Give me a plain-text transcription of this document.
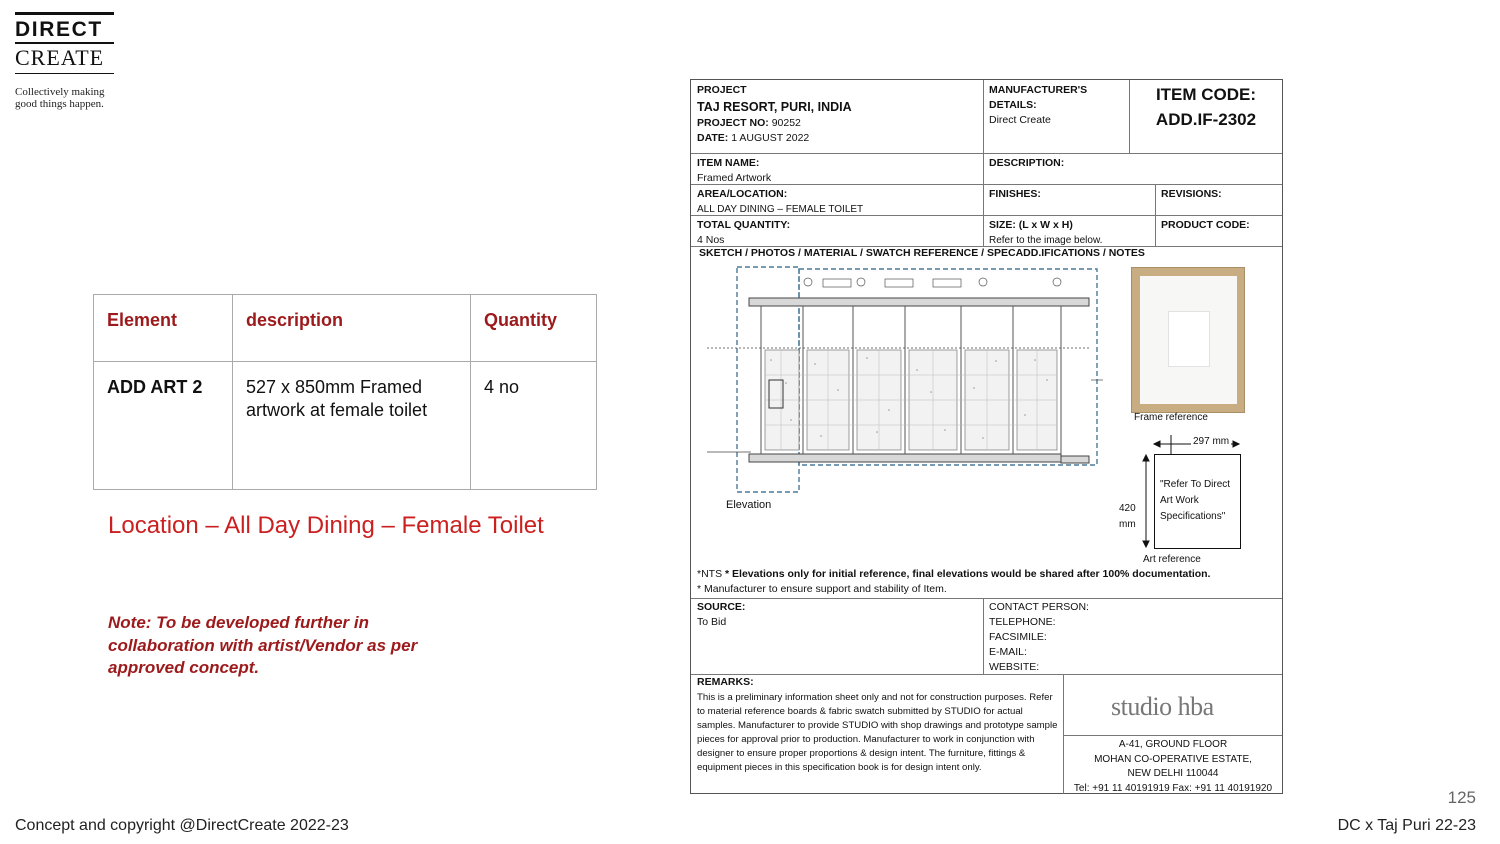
DIRECT
CREATE
Collectively making
good things happen.
Element	description	Quantity
ADD ART 2	527 x 850mm Framed artwork at female toilet	4 no
Location – All Day Dining – Female Toilet
Note: To be developed further in collaboration with artist/Vendor as per approved concept.
PROJECT
TAJ RESORT, PURI, INDIA
PROJECT NO: 90252
DATE: 1 AUGUST 2022
MANUFACTURER'S DETAILS:
Direct Create
ITEM CODE:
ADD.IF-2302
ITEM NAME:
Framed Artwork
DESCRIPTION:
AREA/LOCATION:
ALL DAY DINING – FEMALE TOILET
FINISHES:	REVISIONS:
TOTAL QUANTITY:
4 Nos
SIZE: (L x W x H)
Refer to the image below.
PRODUCT CODE:
SKETCH / PHOTOS / MATERIAL / SWATCH REFERENCE / SPECADD.IFICATIONS / NOTES
Elevation
Frame reference
297 mm
420
mm
"Refer To Direct Art Work Specifications"
Art reference
*NTS * Elevations only for initial reference, final elevations would be shared after 100% documentation.
* Manufacturer to ensure support and stability of Item.
SOURCE:
To Bid
CONTACT PERSON:
TELEPHONE:
FACSIMILE:
E-MAIL:
WEBSITE:
REMARKS:
This is a preliminary information sheet only and not for construction purposes. Refer to material reference boards & fabric swatch submitted by STUDIO for actual samples. Manufacturer to provide STUDIO with shop drawings and prototype sample pieces for approval prior to production. Manufacturer to work in conjunction with designer to ensure proper proportions & design intent. The furniture, fittings & equipment pieces in this specification book is for design intent only.
studio hba
A-41, GROUND FLOOR
MOHAN CO-OPERATIVE ESTATE,
NEW DELHI 110044
Tel: +91 11 40191919 Fax: +91 11 40191920	125
Concept and copyright @DirectCreate 2022-23	DC x Taj Puri 22-23
